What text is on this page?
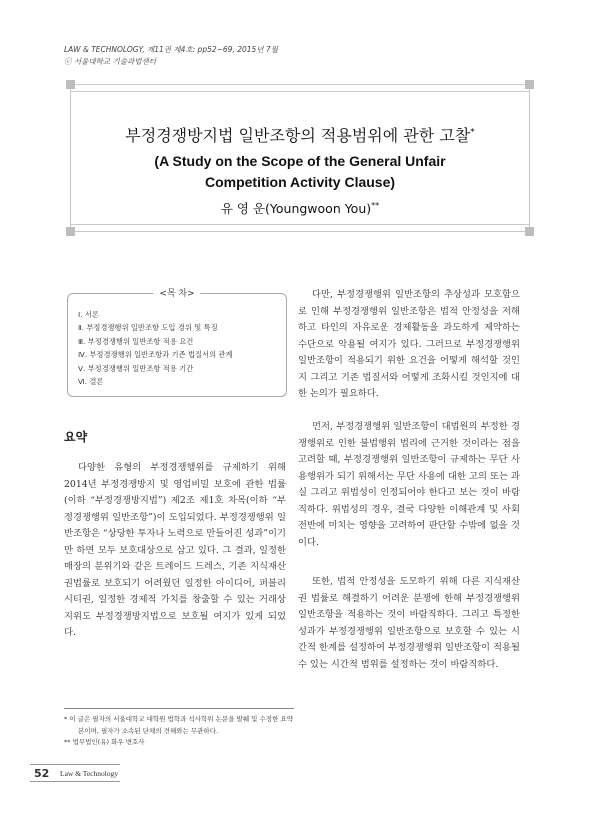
LAW & TECHNOLOGY, 제11권 제4호: pp52~69, 2015년 7월
ⓒ 서울대학교 기술과법센터
부정경쟁방지법 일반조항의 적용범위에 관한 고찰*
(A Study on the Scope of the General Unfair
Competition Activity Clause)
유 영 운(Youngwoon You)**
<목 차>
Ⅰ. 서론
Ⅱ. 부정경쟁행위 일반조항 도입 경위 및 특징
Ⅲ. 부정경쟁행위 일반조항 적용 요건
Ⅳ. 부정경쟁행위 일반조항과 기존 법질서의 관계
Ⅴ. 부정경쟁행위 일반조항 적용 기간
Ⅵ. 결론
요약

다양한 유형의 부정경쟁행위를 규제하기 위해 2014년 부정경쟁방지 및 영업비밀 보호에 관한 법률(이하 “부정경쟁방지법”) 제2조 제1호 차목(이하 “부정경쟁행위 일반조항”)이 도입되었다. 부정경쟁행위 일반조항은 “상당한 투자나 노력으로 만들어진 성과”이기만 하면 모두 보호대상으로 삼고 있다. 그 결과, 일정한 매장의 분위기와 같은 트레이드 드레스, 기존 지식재산권법률로 보호되기 어려웠던 일정한 아이디어, 퍼블리시티권, 일정한 경제적 가치를 창출할 수 있는 거래상 지위도 부정경쟁방지법으로 보호될 여지가 있게 되었다.

다만, 부정경쟁행위 일반조항의 추상성과 모호함으로 인해 부정경쟁행위 일반조항은 법적 안정성을 저해하고 타인의 자유로운 경제활동을 과도하게 제약하는 수단으로 악용될 여지가 있다. 그러므로 부정경쟁행위 일반조항이 적용되기 위한 요건을 어떻게 해석할 것인지 그리고 기존 법질서와 어떻게 조화시킬 것인지에 대한 논의가 필요하다.

먼저, 부정경쟁행위 일반조항이 대법원의 부정한 경쟁행위로 인한 불법행위 법리에 근거한 것이라는 점을 고려할 때, 부정경쟁행위 일반조항이 규제하는 무단 사용행위가 되기 위해서는 무단 사용에 대한 고의 또는 과실 그리고 위법성이 인정되어야 한다고 보는 것이 바람직하다. 위법성의 경우, 결국 다양한 이해관계 및 사회 전반에 미치는 영향을 고려하여 판단할 수밖에 없을 것이다.

또한, 법적 안정성을 도모하기 위해 다른 지식재산권 법률로 해결하기 어려운 분쟁에 한해 부정경쟁행위 일반조항을 적용하는 것이 바람직하다. 그리고 특정한 성과가 부정경쟁행위 일반조항으로 보호할 수 있는 시간적 한계를 설정하여 부정경쟁행위 일반조항이 적용될 수 있는 시간적 범위를 설정하는 것이 바람직하다.

* 이 글은 필자의 서울대학교 대학원 법학과 석사학위 논문을 발췌 및 수정한 요약본이며, 필자가 소속된 단체의 견해와는 무관하다.
** 법무법인(유) 화우 변호사
52 Law & Technology
